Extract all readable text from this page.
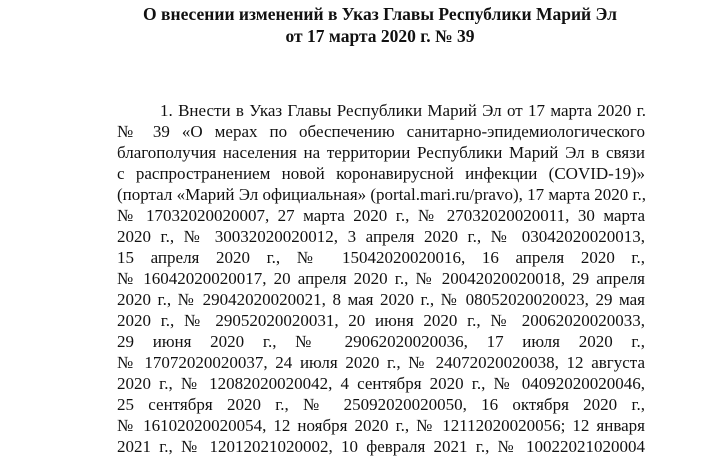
О внесении изменений в Указ Главы Республики Марий Эл
от 17 марта 2020 г. № 39
1. Внести в Указ Главы Республики Марий Эл от 17 марта 2020 г.
№ 39 «О мерах по обеспечению санитарно-эпидемиологического
благополучия населения на территории Республики Марий Эл в связи
с распространением новой коронавирусной инфекции (COVID-19)»
(портал «Марий Эл официальная» (portal.mari.ru/pravo), 17 марта 2020 г.,
№ 17032020020007, 27 марта 2020 г., № 27032020020011, 30 марта
2020 г., № 30032020020012, 3 апреля 2020 г., № 03042020020013,
15 апреля 2020 г., № 15042020020016, 16 апреля 2020 г.,
№ 16042020020017, 20 апреля 2020 г., № 20042020020018, 29 апреля
2020 г., № 29042020020021, 8 мая 2020 г., № 08052020020023, 29 мая
2020 г., № 29052020020031, 20 июня 2020 г., № 20062020020033,
29 июня 2020 г., № 29062020020036, 17 июля 2020 г.,
№ 17072020020037, 24 июля 2020 г., № 24072020020038, 12 августа
2020 г., № 12082020020042, 4 сентября 2020 г., № 04092020020046,
25 сентября 2020 г., № 25092020020050, 16 октября 2020 г.,
№ 16102020020054, 12 ноября 2020 г., № 12112020020056; 12 января
2021 г., № 12012021020002, 10 февраля 2021 г., № 10022021020004
